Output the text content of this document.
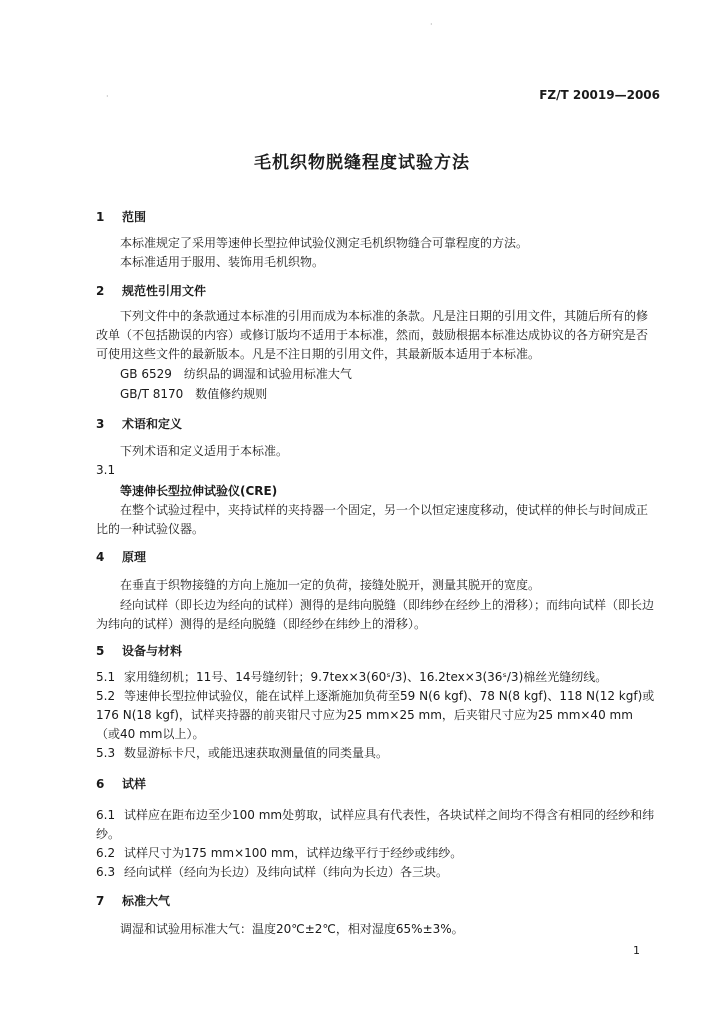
·
·
FZ/T 20019—2006
毛机织物脱缝程度试验方法
1 范围
本标准规定了采用等速伸长型拉伸试验仪测定毛机织物缝合可靠程度的方法。
本标准适用于服用、装饰用毛机织物。
2 规范性引用文件
下列文件中的条款通过本标准的引用而成为本标准的条款。凡是注日期的引用文件，其随后所有的修改单（不包括勘误的内容）或修订版均不适用于本标准，然而，鼓励根据本标准达成协议的各方研究是否可使用这些文件的最新版本。凡是不注日期的引用文件，其最新版本适用于本标准。
GB 6529　纺织品的调湿和试验用标准大气
GB/T 8170　数值修约规则
3 术语和定义
下列术语和定义适用于本标准。
3.1
等速伸长型拉伸试验仪(CRE)
在整个试验过程中，夹持试样的夹持器一个固定，另一个以恒定速度移动，使试样的伸长与时间成正比的一种试验仪器。
4 原理
在垂直于织物接缝的方向上施加一定的负荷，接缝处脱开，测量其脱开的宽度。
经向试样（即长边为经向的试样）测得的是纬向脱缝（即纬纱在经纱上的滑移）；而纬向试样（即长边为纬向的试样）测得的是经向脱缝（即经纱在纬纱上的滑移）。
5 设备与材料
5.1 家用缝纫机；11号、14号缝纫针；9.7tex×3(60ˢ/3)、16.2tex×3(36ˢ/3)棉丝光缝纫线。
5.2 等速伸长型拉伸试验仪，能在试样上逐渐施加负荷至59 N(6 kgf)、78 N(8 kgf)、118 N(12 kgf)或176 N(18 kgf)，试样夹持器的前夹钳尺寸应为25 mm×25 mm，后夹钳尺寸应为25 mm×40 mm（或40 mm以上）。
5.3 数显游标卡尺，或能迅速获取测量值的同类量具。
6 试样
6.1 试样应在距布边至少100 mm处剪取，试样应具有代表性，各块试样之间均不得含有相同的经纱和纬纱。
6.2 试样尺寸为175 mm×100 mm，试样边缘平行于经纱或纬纱。
6.3 经向试样（经向为长边）及纬向试样（纬向为长边）各三块。
7 标准大气
调湿和试验用标准大气：温度20℃±2℃，相对湿度65%±3%。
1
